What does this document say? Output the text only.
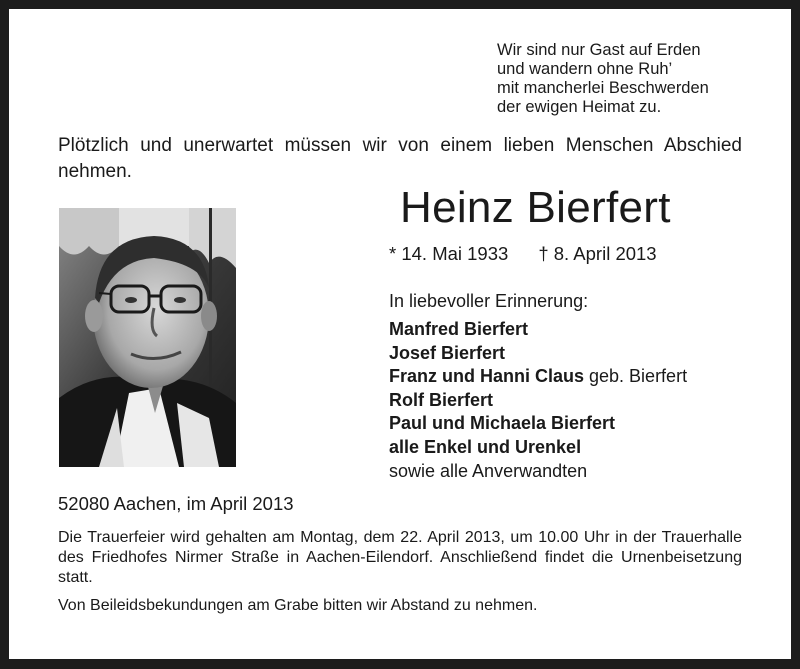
Wir sind nur Gast auf Erden
und wandern ohne Ruh’
mit mancherlei Beschwerden
der ewigen Heimat zu.
Plötzlich und unerwartet müssen wir von einem lieben Menschen Abschied nehmen.
Heinz Bierfert
* 14. Mai 1933 † 8. April 2013
In liebevoller Erinnerung:
Manfred Bierfert
Josef Bierfert
Franz und Hanni Claus geb. Bierfert
Rolf Bierfert
Paul und Michaela Bierfert
alle Enkel und Urenkel
sowie alle Anverwandten
52080 Aachen, im April 2013
Die Trauerfeier wird gehalten am Montag, dem 22. April 2013, um 10.00 Uhr in der Trauerhalle des Friedhofes Nirmer Straße in Aachen-Eilendorf. Anschließend findet die Urnenbeisetzung statt.
Von Beileidsbekundungen am Grabe bitten wir Abstand zu nehmen.
